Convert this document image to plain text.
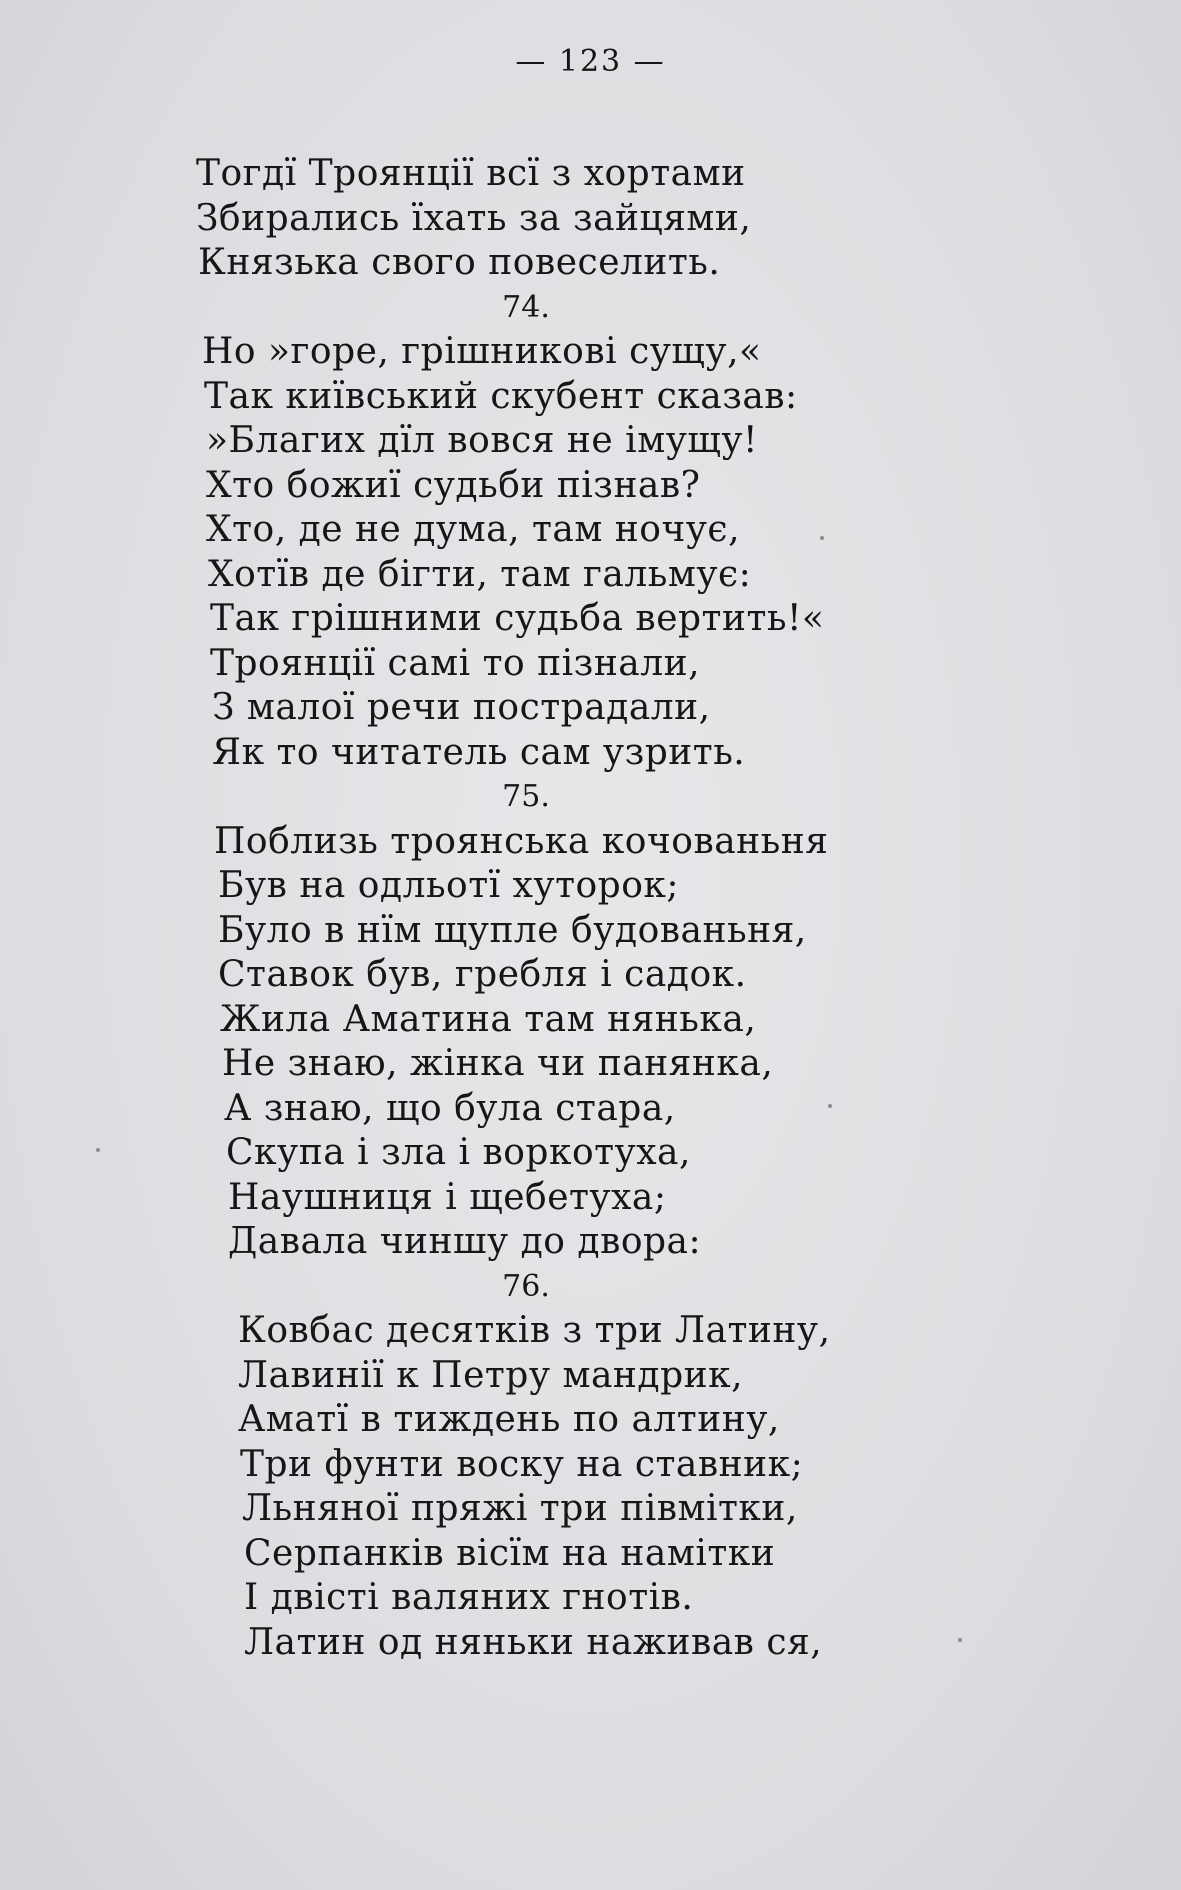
— 123 —
Тогдї Троянції всї з хортами
Збирались їхать за зайцями,
Князька свого повеселить.
74.
Но »горе, грішникові сущу,«
Так київський скубент сказав:
»Благих дїл вовся не імущу!
Хто божиї судьби пізнав?
Хто, де не дума, там ночує,
Хотїв де бігти, там гальмує:
Так грішними судьба вертить!«
Троянції самі то пізнали,
З малої речи пострадали,
Як то читатель сам узрить.
75.
Поблизь троянська кочованьня
Був на одльотї хуторок;
Було в нїм щупле будованьня,
Ставок був, гребля і садок.
Жила Аматина там нянька,
Не знаю, жінка чи панянка,
А знаю, що була стара,
Скупа і зла і воркотуха,
Наушниця і щебетуха;
Давала чиншу до двора:
76.
Ковбас десятків з три Латину,
Лавинії к Петру мандрик,
Аматї в тиждень по алтину,
Три фунти воску на ставник;
Льняної пряжі три півмітки,
Серпанків вісїм на намітки
І двісті валяних гнотів.
Латин од няньки наживав ся,
